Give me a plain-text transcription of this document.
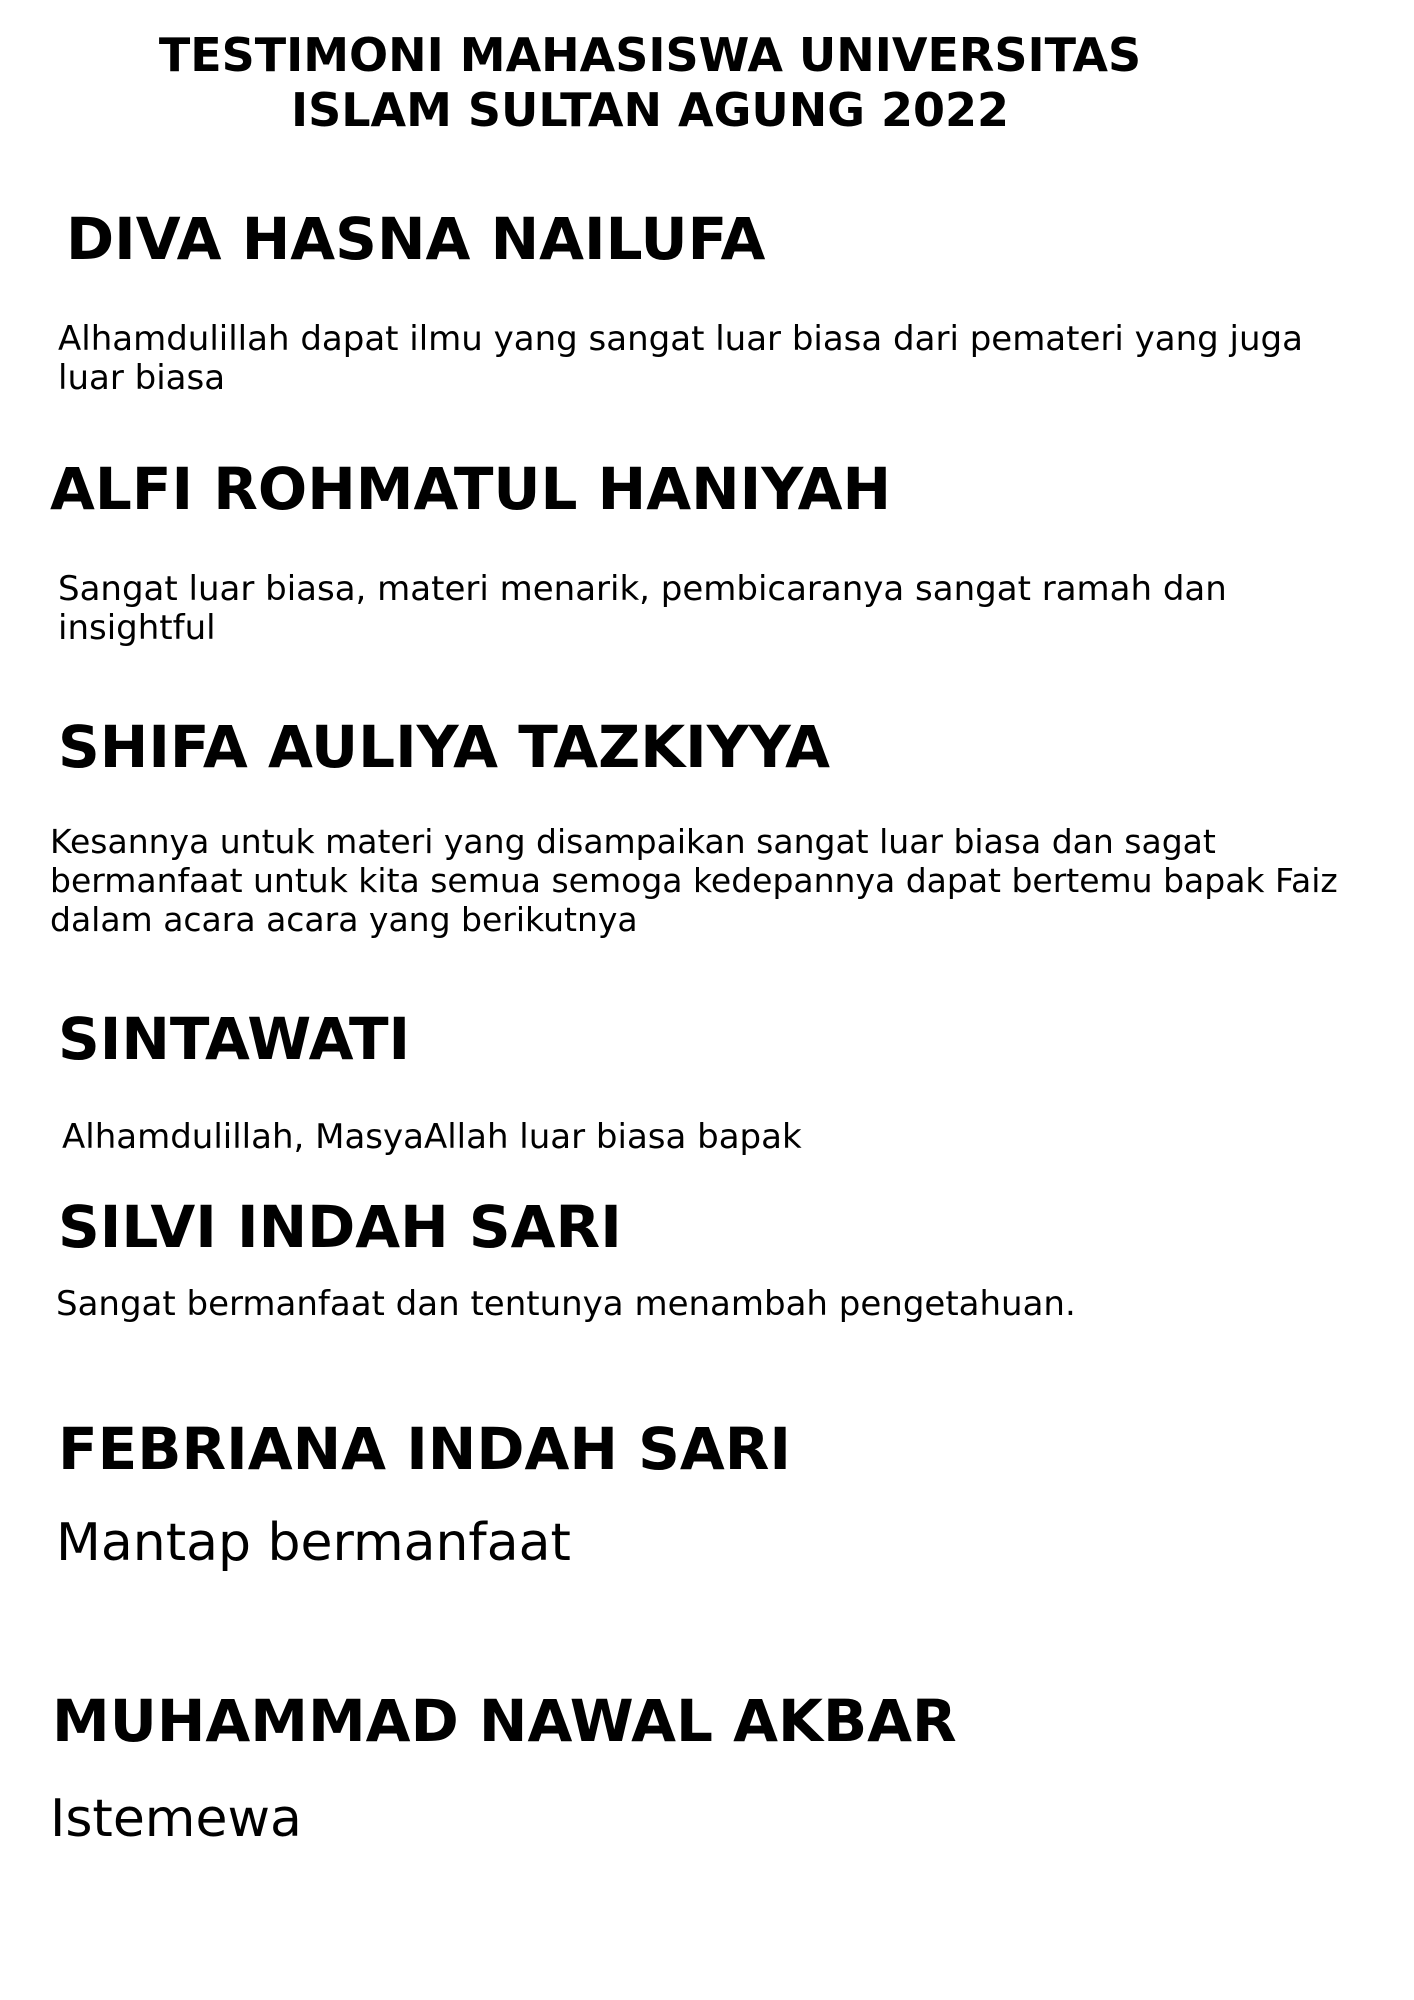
TESTIMONI MAHASISWA UNIVERSITAS
ISLAM SULTAN AGUNG 2022
DIVA HASNA NAILUFA

Alhamdulillah dapat ilmu yang sangat luar biasa dari pemateri yang juga luar biasa

ALFI ROHMATUL HANIYAH

Sangat luar biasa, materi menarik, pembicaranya sangat ramah dan insightful

SHIFA AULIYA TAZKIYYA

Kesannya untuk materi yang disampaikan sangat luar biasa dan sagat bermanfaat untuk kita semua semoga kedepannya dapat bertemu bapak Faiz dalam acara acara yang berikutnya

SINTAWATI

Alhamdulillah, MasyaAllah luar biasa bapak

SILVI INDAH SARI

Sangat bermanfaat dan tentunya menambah pengetahuan.

FEBRIANA INDAH SARI

Mantap bermanfaat

MUHAMMAD NAWAL AKBAR

Istemewa
